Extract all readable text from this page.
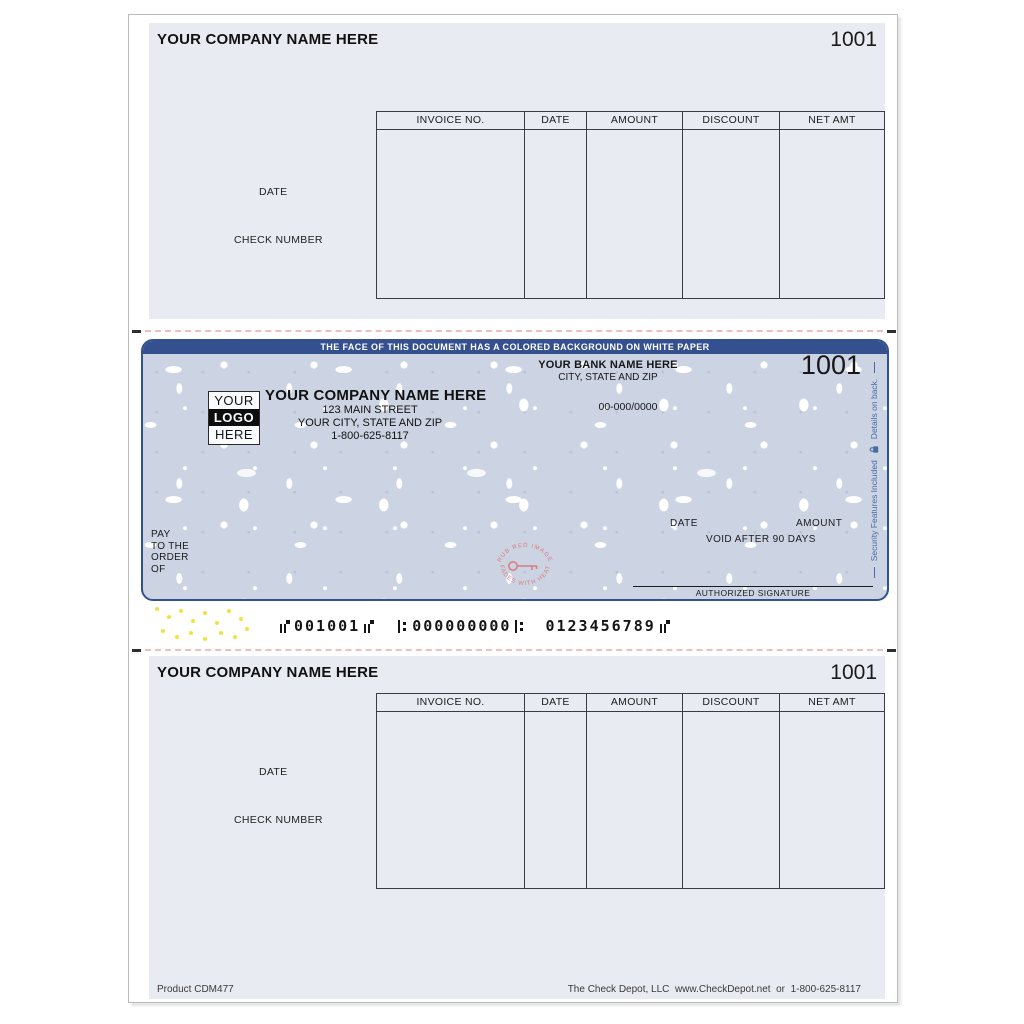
YOUR COMPANY NAME HERE	1001
DATE
CHECK NUMBER
INVOICE NO.	DATE	AMOUNT	DISCOUNT	NET AMT
THE FACE OF THIS DOCUMENT HAS A COLORED BACKGROUND ON WHITE PAPER
YOUR BANK NAME HERE
CITY, STATE AND ZIP
00-000/0000
1001
YOUR
LOGO
HERE
YOUR COMPANY NAME HERE
123 MAIN STREET
YOUR CITY, STATE AND ZIP
1-800-625-8117
PAY
TO THE
ORDER
OF
DATE	AMOUNT
VOID AFTER 90 DAYS
AUTHORIZED SIGNATURE
RUB RED IMAGE
FADES WITH HEAT
Security Features Included
Details on back.
001001	000000000 0123456789
YOUR COMPANY NAME HERE	1001
DATE
CHECK NUMBER
INVOICE NO.	DATE	AMOUNT	DISCOUNT	NET AMT
Product CDM477	The Check Depot, LLC  www.CheckDepot.net  or  1-800-625-8117
